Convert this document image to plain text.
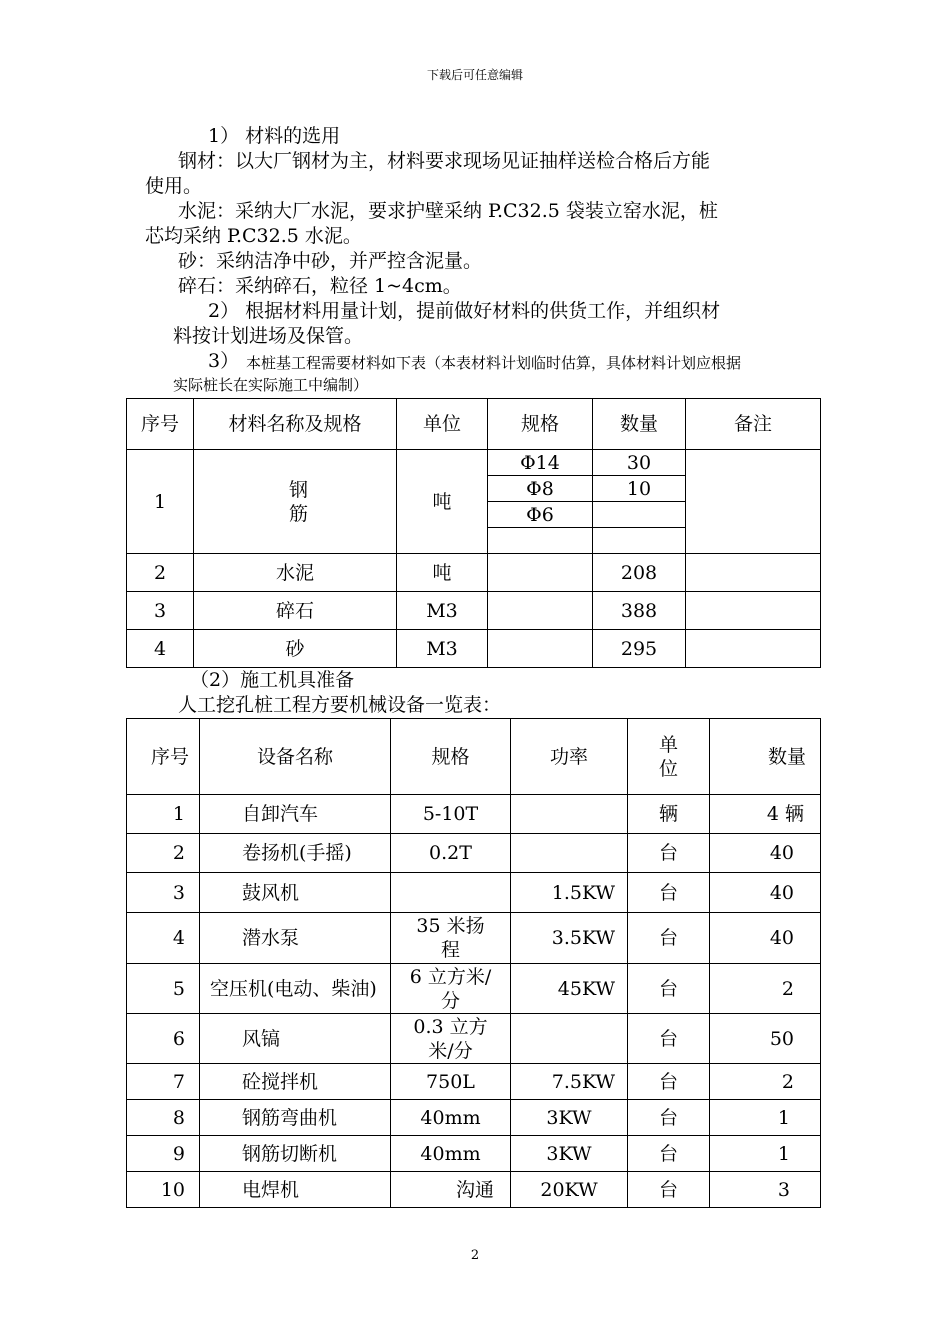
下载后可任意编辑
1） 材料的选用
钢材：以大厂钢材为主，材料要求现场见证抽样送检合格后方能
使用。
水泥：采纳大厂水泥，要求护壁采纳 P.C32.5 袋装立窑水泥，桩
芯均采纳 P.C32.5 水泥。
砂：采纳洁净中砂，并严控含泥量。
碎石：采纳碎石，粒径 1~4cm。
2） 根据材料用量计划，提前做好材料的供货工作，并组织材
料按计划进场及保管。
3） 本桩基工程需要材料如下表（本表材料计划临时估算，具体材料计划应根据
实际桩长在实际施工中编制）
序号	材料名称及规格	单位	规格	数量	备注
1	钢筋	吨	Φ14	30	
			Φ8	10	
			Φ6		

2	水泥	吨		208	
3	碎石	M3		388	
4	砂	M3		295	
（2）施工机具准备
人工挖孔桩工程方要机械设备一览表：
序号	设备名称	规格	功率	单位	数量
1	自卸汽车	5-10T		辆	4 辆
2	卷扬机(手摇)	0.2T		台	40
3	鼓风机		1.5KW	台	40
4	潜水泵	35 米扬程	3.5KW	台	40
5	空压机(电动、柴油)	6 立方米/分	45KW	台	2
6	风镐	0.3 立方米/分		台	50
7	砼搅拌机	750L	7.5KW	台	2
8	钢筋弯曲机	40mm	3KW	台	1
9	钢筋切断机	40mm	3KW	台	1
10	电焊机	沟通	20KW	台	3
2
